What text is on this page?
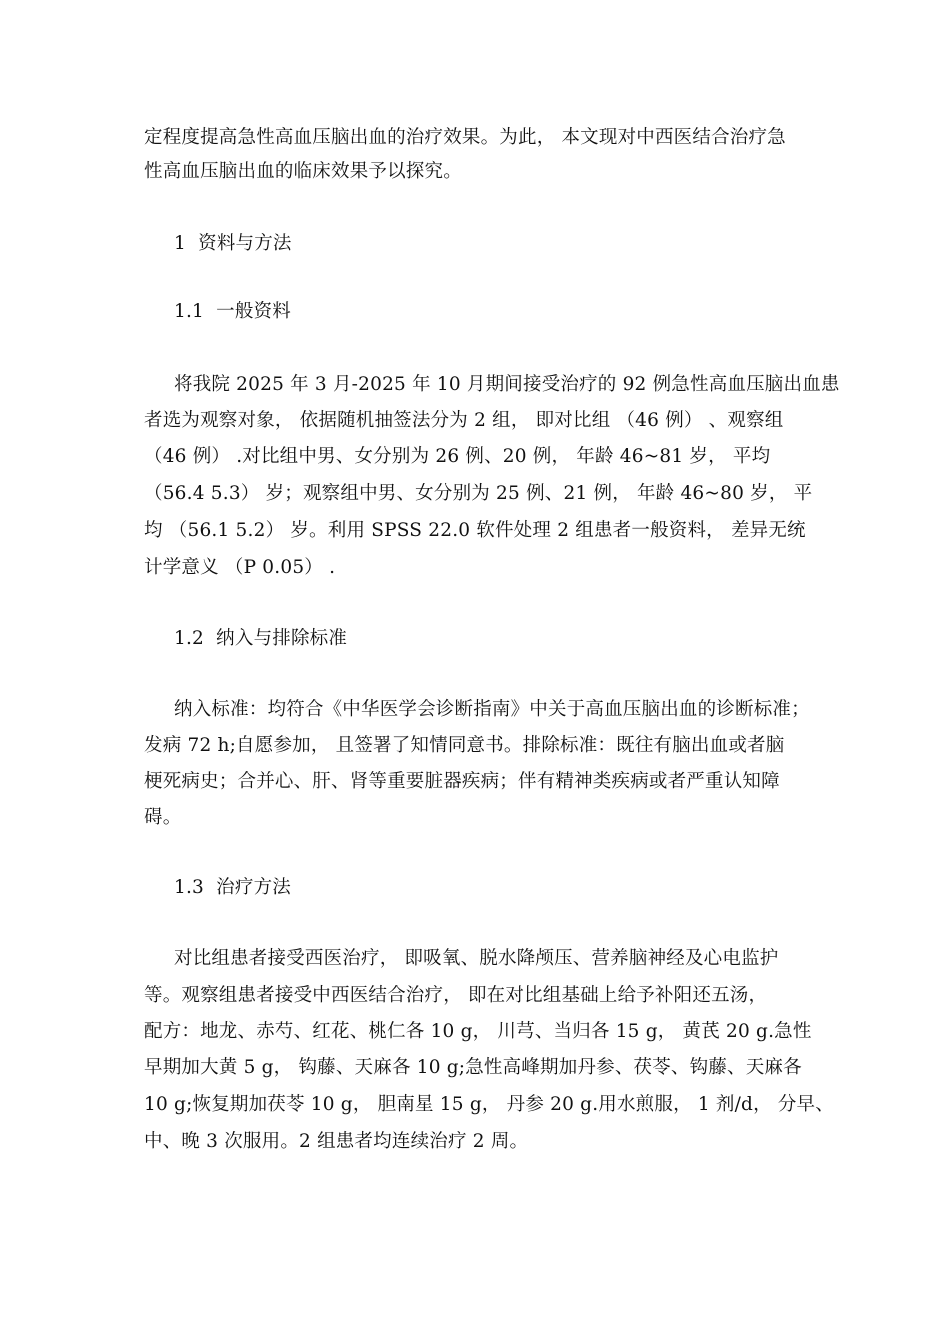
定程度提高急性高血压脑出血的治疗效果。为此， 本文现对中西医结合治疗急
性高血压脑出血的临床效果予以探究。
1  资料与方法
1.1  一般资料
将我院 2025 年 3 月-2025 年 10 月期间接受治疗的 92 例急性高血压脑出血患
者选为观察对象， 依据随机抽签法分为 2 组， 即对比组 （46 例） 、观察组
（46 例） .对比组中男、女分别为 26 例、20 例， 年龄 46~81 岁， 平均
（56.4 5.3） 岁；观察组中男、女分别为 25 例、21 例， 年龄 46~80 岁， 平
均 （56.1 5.2） 岁。利用 SPSS 22.0 软件处理 2 组患者一般资料， 差异无统
计学意义 （P 0.05） .
1.2  纳入与排除标准
纳入标准：均符合《中华医学会诊断指南》中关于高血压脑出血的诊断标准；
发病 72 h;自愿参加， 且签署了知情同意书。排除标准：既往有脑出血或者脑
梗死病史；合并心、肝、肾等重要脏器疾病；伴有精神类疾病或者严重认知障
碍。
1.3  治疗方法
对比组患者接受西医治疗， 即吸氧、脱水降颅压、营养脑神经及心电监护
等。观察组患者接受中西医结合治疗， 即在对比组基础上给予补阳还五汤，
配方：地龙、赤芍、红花、桃仁各 10 g， 川芎、当归各 15 g， 黄芪 20 g.急性
早期加大黄 5 g， 钩藤、天麻各 10 g;急性高峰期加丹参、茯苓、钩藤、天麻各
10 g;恢复期加茯苓 10 g， 胆南星 15 g， 丹参 20 g.用水煎服， 1 剂/d， 分早、
中、晚 3 次服用。2 组患者均连续治疗 2 周。
